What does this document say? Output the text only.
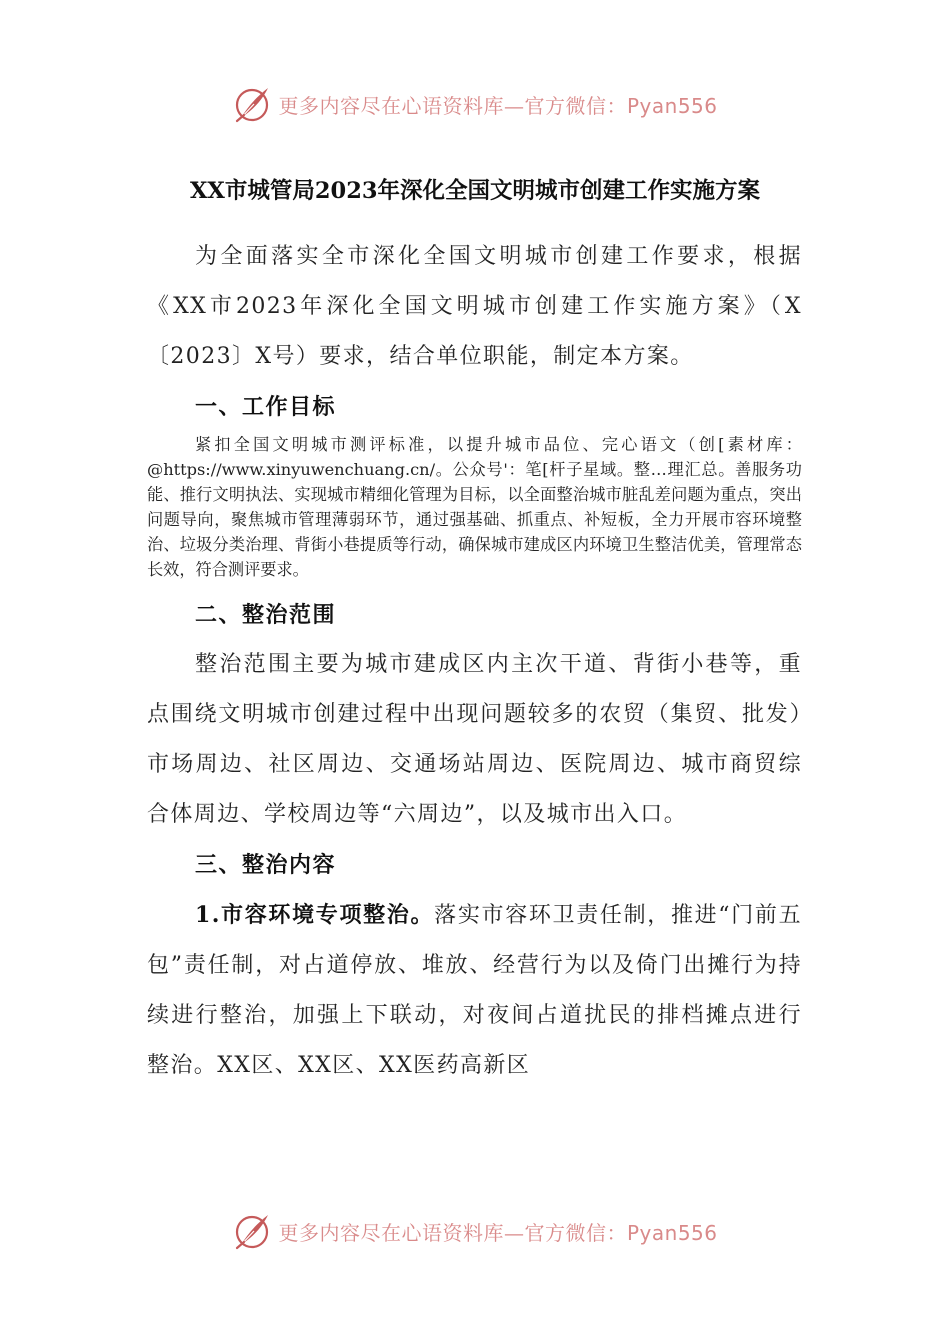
更多内容尽在心语资料库—官方微信：Pyan556
XX市城管局2023年深化全国文明城市创建工作实施方案

为全面落实全市深化全国文明城市创建工作要求，根据《XX市2023年深化全国文明城市创建工作实施方案》（X〔2023〕X号）要求，结合单位职能，制定本方案。

一、工作目标

紧扣全国文明城市测评标准，以提升城市品位、完心语文（创[素材库：@https://www.xinyuwenchuang.cn/。公众号'：笔[杆子星域。整…理汇总。善服务功能、推行文明执法、实现城市精细化管理为目标，以全面整治城市脏乱差问题为重点，突出问题导向，聚焦城市管理薄弱环节，通过强基础、抓重点、补短板，全力开展市容环境整治、垃圾分类治理、背街小巷提质等行动，确保城市建成区内环境卫生整洁优美，管理常态长效，符合测评要求。

二、整治范围

整治范围主要为城市建成区内主次干道、背街小巷等，重点围绕文明城市创建过程中出现问题较多的农贸（集贸、批发）市场周边、社区周边、交通场站周边、医院周边、城市商贸综合体周边、学校周边等“六周边”，以及城市出入口。

三、整治内容

1.市容环境专项整治。落实市容环卫责任制，推进“门前五包”责任制，对占道停放、堆放、经营行为以及倚门出摊行为持续进行整治，加强上下联动，对夜间占道扰民的排档摊点进行整治。XX区、XX区、XX医药高新区

更多内容尽在心语资料库—官方微信：Pyan556
